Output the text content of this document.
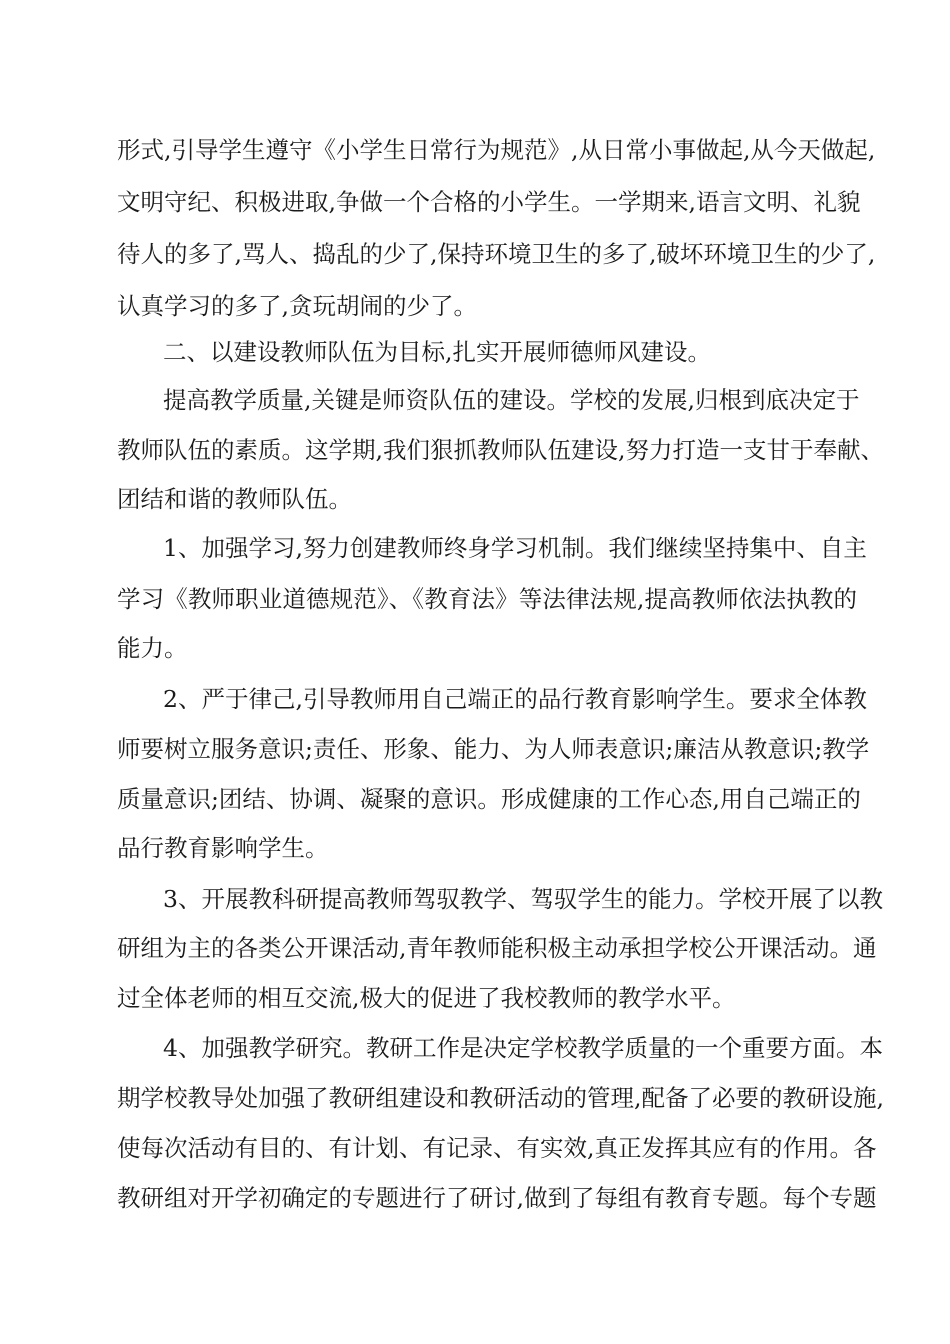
形式,引导学生遵守《小学生日常行为规范》,从日常小事做起,从今天做起,
文明守纪、积极进取,争做一个合格的小学生。一学期来,语言文明、礼貌
待人的多了,骂人、捣乱的少了,保持环境卫生的多了,破坏环境卫生的少了,
认真学习的多了,贪玩胡闹的少了。
二、以建设教师队伍为目标,扎实开展师德师风建设。
提高教学质量,关键是师资队伍的建设。学校的发展,归根到底决定于
教师队伍的素质。这学期,我们狠抓教师队伍建设,努力打造一支甘于奉献、
团结和谐的教师队伍。
1、加强学习,努力创建教师终身学习机制。我们继续坚持集中、自主
学习《教师职业道德规范》、《教育法》等法律法规,提高教师依法执教的
能力。
2、严于律己,引导教师用自己端正的品行教育影响学生。要求全体教
师要树立服务意识;责任、形象、能力、为人师表意识;廉洁从教意识;教学
质量意识;团结、协调、凝聚的意识。形成健康的工作心态,用自己端正的
品行教育影响学生。
3、开展教科研提高教师驾驭教学、驾驭学生的能力。学校开展了以教
研组为主的各类公开课活动,青年教师能积极主动承担学校公开课活动。通
过全体老师的相互交流,极大的促进了我校教师的教学水平。
4、加强教学研究。教研工作是决定学校教学质量的一个重要方面。本
期学校教导处加强了教研组建设和教研活动的管理,配备了必要的教研设施,
使每次活动有目的、有计划、有记录、有实效,真正发挥其应有的作用。各
教研组对开学初确定的专题进行了研讨,做到了每组有教育专题。每个专题
